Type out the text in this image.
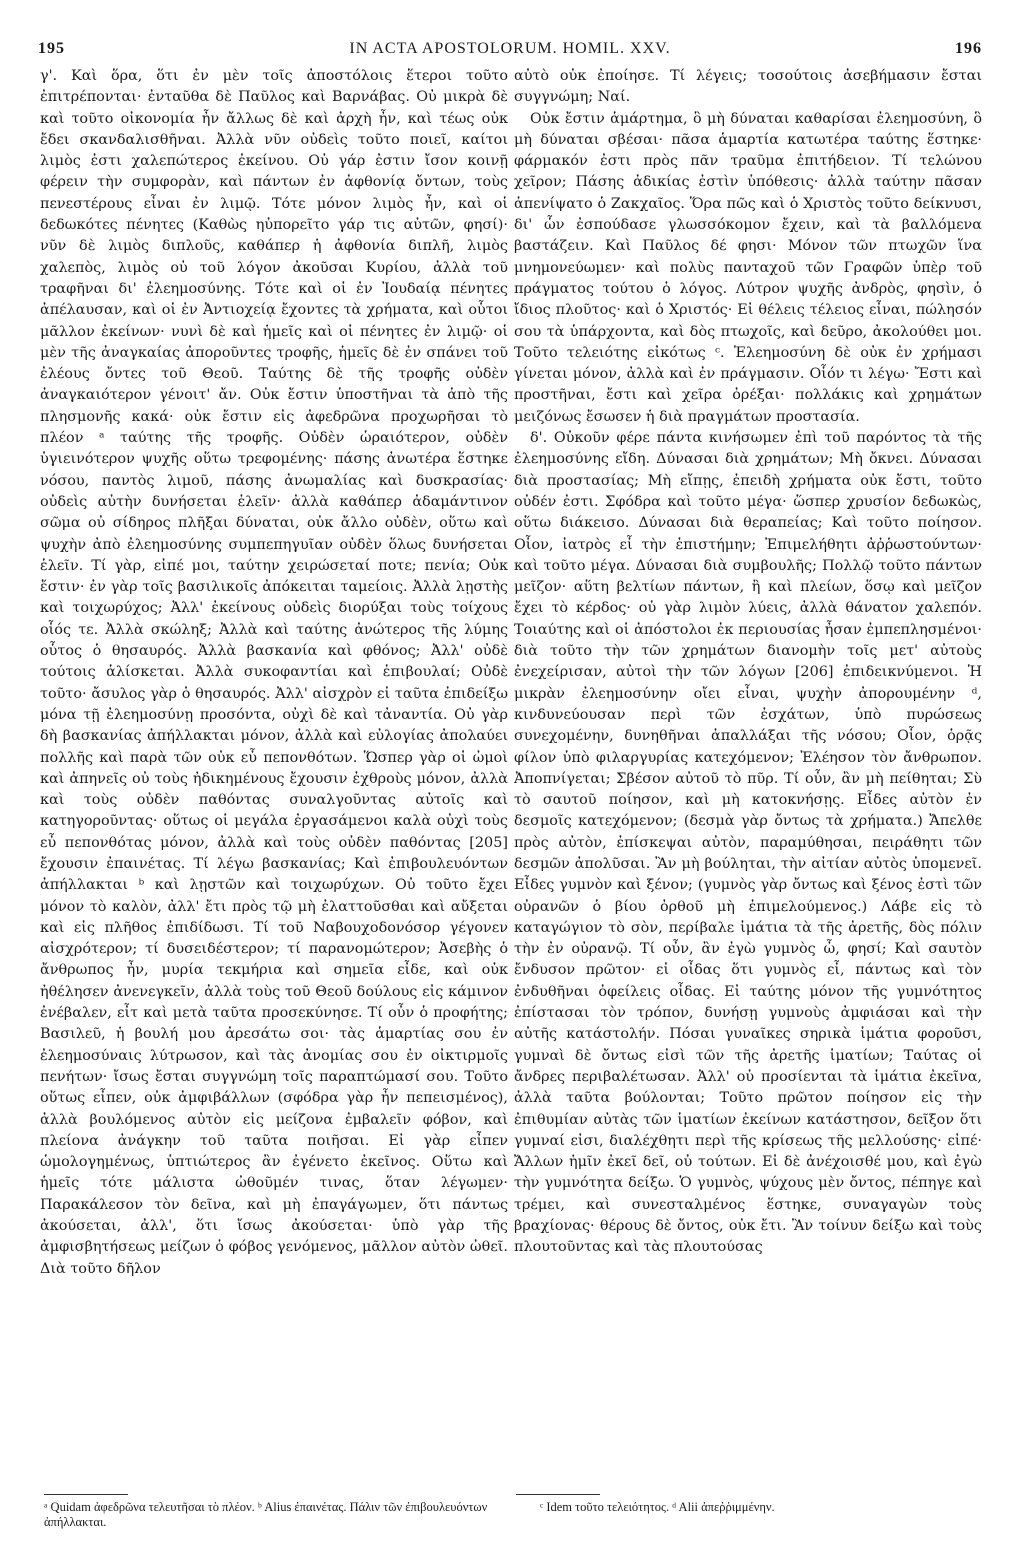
195	IN ACTA APOSTOLORUM. HOMIL. XXV.	196

γ'. Καὶ ὅρα, ὅτι ἐν μὲν τοῖς ἀποστόλοις ἕτεροι τοῦτο ἐπιτρέπονται· ἐνταῦθα δὲ Παῦλος καὶ Βαρνάβας. Οὐ μικρὰ δὲ καὶ τοῦτο οἰκονομία ἦν ἄλλως δὲ καὶ ἀρχὴ ἦν, καὶ τέως οὐκ ἔδει σκανδαλισθῆναι. Ἀλλὰ νῦν οὐδεὶς τοῦτο ποιεῖ, καίτοι λιμὸς ἐστι χαλεπώτερος ἐκείνου. Οὐ γάρ ἐστιν ἴσον κοινῇ φέρειν τὴν συμφορὰν, καὶ πάντων ἐν ἀφθονίᾳ ὄντων, τοὺς πενεστέρους εἶναι ἐν λιμῷ. Τότε μόνον λιμὸς ἦν, καὶ οἱ δεδωκότες πένητες (Καθὼς ηὐπορεῖτο γάρ τις αὐτῶν, φησί)· νῦν δὲ λιμὸς διπλοῦς, καθάπερ ἡ ἀφθονία διπλῆ, λιμὸς χαλεπὸς, λιμὸς οὐ τοῦ λόγον ἀκοῦσαι Κυρίου, ἀλλὰ τοῦ τραφῆναι δι' ἐλεημοσύνης. Τότε καὶ οἱ ἐν Ἰουδαίᾳ πένητες ἀπέλαυσαν, καὶ οἱ ἐν Ἀντιοχείᾳ ἔχοντες τὰ χρήματα, καὶ οὗτοι μᾶλλον ἐκείνων· νυνὶ δὲ καὶ ἡμεῖς καὶ οἱ πένητες ἐν λιμῷ· οἱ μὲν τῆς ἀναγκαίας ἀποροῦντες τροφῆς, ἡμεῖς δὲ ἐν σπάνει τοῦ ἐλέους ὄντες τοῦ Θεοῦ. Ταύτης δὲ τῆς τροφῆς οὐδὲν ἀναγκαιότερον γένοιτ' ἄν. Οὐκ ἔστιν ὑποστῆναι τὰ ἀπὸ τῆς πλησμονῆς κακά· οὐκ ἔστιν εἰς ἀφεδρῶνα προχωρῆσαι τὸ πλέον ᵃ ταύτης τῆς τροφῆς. Οὐδὲν ὡραιότερον, οὐδὲν ὑγιεινότερον ψυχῆς οὕτω τρεφομένης· πάσης ἀνωτέρα ἕστηκε νόσου, παντὸς λιμοῦ, πάσης ἀνωμαλίας καὶ δυσκρασίας· οὐδεὶς αὐτὴν δυνήσεται ἑλεῖν· ἀλλὰ καθάπερ ἀδαμάντινον σῶμα οὐ σίδηρος πλῆξαι δύναται, οὐκ ἄλλο οὐδὲν, οὕτω καὶ ψυχὴν ἀπὸ ἐλεημοσύνης συμπεπηγυῖαν οὐδὲν ὅλως δυνήσεται ἑλεῖν. Τί γὰρ, εἰπέ μοι, ταύτην χειρώσεταί ποτε; πενία; Οὐκ ἔστιν· ἐν γὰρ τοῖς βασιλικοῖς ἀπόκειται ταμείοις. Ἀλλὰ λῃστὴς καὶ τοιχωρύχος; Ἀλλ' ἐκείνους οὐδεὶς διορύξαι τοὺς τοίχους οἷός τε. Ἀλλὰ σκώληξ; Ἀλλὰ καὶ ταύτης ἀνώτερος τῆς λύμης οὗτος ὁ θησαυρός. Ἀλλὰ βασκανία καὶ φθόνος; Ἀλλ' οὐδὲ τούτοις ἁλίσκεται. Ἀλλὰ συκοφαντίαι καὶ ἐπιβουλαί; Οὐδὲ τοῦτο· ἄσυλος γὰρ ὁ θησαυρός. Ἀλλ' αἰσχρὸν εἰ ταῦτα ἐπιδείξω μόνα τῇ ἐλεημοσύνῃ προσόντα, οὐχὶ δὲ καὶ τἀναντία. Οὐ γὰρ δὴ βασκανίας ἀπήλλακται μόνον, ἀλλὰ καὶ εὐλογίας ἀπολαύει πολλῆς καὶ παρὰ τῶν οὐκ εὖ πεπονθότων. Ὥσπερ γὰρ οἱ ὠμοὶ καὶ ἀπηνεῖς οὐ τοὺς ἠδικημένους ἔχουσιν ἐχθροὺς μόνον, ἀλλὰ καὶ τοὺς οὐδὲν παθόντας συναλγοῦντας αὐτοῖς καὶ κατηγοροῦντας· οὕτως οἱ μεγάλα ἐργασάμενοι καλὰ οὐχὶ τοὺς εὖ πεπονθότας μόνον, ἀλλὰ καὶ τοὺς οὐδὲν παθόντας [205] ἔχουσιν ἐπαινέτας. Τί λέγω βασκανίας; Καὶ ἐπιβουλευόντων ἀπήλλακται ᵇ καὶ λῃστῶν καὶ τοιχωρύχων. Οὐ τοῦτο ἔχει μόνον τὸ καλὸν, ἀλλ' ἔτι πρὸς τῷ μὴ ἐλαττοῦσθαι καὶ αὔξεται καὶ εἰς πλῆθος ἐπιδίδωσι. Τί τοῦ Ναβουχοδονόσορ γέγονεν αἰσχρότερον; τί δυσειδέστερον; τί παρανομώτερον; Ἀσεβὴς ὁ ἄνθρωπος ἦν, μυρία τεκμήρια καὶ σημεῖα εἶδε, καὶ οὐκ ἠθέλησεν ἀνενεγκεῖν, ἀλλὰ τοὺς τοῦ Θεοῦ δούλους εἰς κάμινον ἐνέβαλεν, εἶτ καὶ μετὰ ταῦτα προσεκύνησε. Τί οὖν ὁ προφήτης; Βασιλεῦ, ἡ βουλή μου ἀρεσάτω σοι· τὰς ἁμαρτίας σου ἐν ἐλεημοσύναις λύτρωσον, καὶ τὰς ἀνομίας σου ἐν οἰκτιρμοῖς πενήτων· ἴσως ἔσται συγγνώμη τοῖς παραπτώμασί σου. Τοῦτο οὕτως εἶπεν, οὐκ ἀμφιβάλλων (σφόδρα γὰρ ἦν πεπεισμένος), ἀλλὰ βουλόμενος αὐτὸν εἰς μείζονα ἐμβαλεῖν φόβον, καὶ πλείονα ἀνάγκην τοῦ ταῦτα ποιῆσαι. Εἰ γὰρ εἶπεν ὡμολογημένως, ὑπτιώτερος ἂν ἐγένετο ἐκεῖνος. Οὕτω καὶ ἡμεῖς τότε μάλιστα ὠθοῦμέν τινας, ὅταν λέγωμεν· Παρακάλεσον τὸν δεῖνα, καὶ μὴ ἐπαγάγωμεν, ὅτι πάντως ἀκούσεται, ἀλλ', ὅτι ἴσως ἀκούσεται· ὑπὸ γὰρ τῆς ἀμφισβητήσεως μείζων ὁ φόβος γενόμενος, μᾶλλον αὐτὸν ὠθεῖ. Διὰ τοῦτο δῆλον

αὐτὸ οὐκ ἐποίησε. Τί λέγεις; τοσούτοις ἀσεβήμασιν ἔσται συγγνώμη; Ναί.

Οὐκ ἔστιν ἁμάρτημα, ὃ μὴ δύναται καθαρίσαι ἐλεημοσύνη, ὃ μὴ δύναται σβέσαι· πᾶσα ἁμαρτία κατωτέρα ταύτης ἕστηκε· φάρμακόν ἐστι πρὸς πᾶν τραῦμα ἐπιτήδειον. Τί τελώνου χεῖρον; Πάσης ἀδικίας ἐστὶν ὑπόθεσις· ἀλλὰ ταύτην πᾶσαν ἀπενίψατο ὁ Ζακχαῖος. Ὅρα πῶς καὶ ὁ Χριστὸς τοῦτο δείκνυσι, δι' ὧν ἐσπούδασε γλωσσόκομον ἔχειν, καὶ τὰ βαλλόμενα βαστάζειν. Καὶ Παῦλος δέ φησι· Μόνον τῶν πτωχῶν ἵνα μνημονεύωμεν· καὶ πολὺς πανταχοῦ τῶν Γραφῶν ὑπὲρ τοῦ πράγματος τούτου ὁ λόγος. Λύτρον ψυχῆς ἀνδρὸς, φησὶν, ὁ ἴδιος πλοῦτος· καὶ ὁ Χριστός· Εἰ θέλεις τέλειος εἶναι, πώλησόν σου τὰ ὑπάρχοντα, καὶ δὸς πτωχοῖς, καὶ δεῦρο, ἀκολούθει μοι. Τοῦτο τελειότης εἰκότως ᶜ. Ἐλεημοσύνη δὲ οὐκ ἐν χρήμασι γίνεται μόνον, ἀλλὰ καὶ ἐν πράγμασιν. Οἷόν τι λέγω· Ἔστι καὶ προστῆναι, ἔστι καὶ χεῖρα ὀρέξαι· πολλάκις καὶ χρημάτων μειζόνως ἔσωσεν ἡ διὰ πραγμάτων προστασία.

δ'. Οὐκοῦν φέρε πάντα κινήσωμεν ἐπὶ τοῦ παρόντος τὰ τῆς ἐλεημοσύνης εἴδη. Δύνασαι διὰ χρημάτων; Μὴ ὄκνει. Δύνασαι διὰ προστασίας; Μὴ εἴπῃς, ἐπειδὴ χρήματα οὐκ ἔστι, τοῦτο οὐδέν ἐστι. Σφόδρα καὶ τοῦτο μέγα· ὥσπερ χρυσίον δεδωκὼς, οὕτω διάκεισο. Δύνασαι διὰ θεραπείας; Καὶ τοῦτο ποίησον. Οἷον, ἰατρὸς εἶ τὴν ἐπιστήμην; Ἐπιμελήθητι ἀῤῥωστούντων· καὶ τοῦτο μέγα. Δύνασαι διὰ συμβουλῆς; Πολλῷ τοῦτο πάντων μεῖζον· αὕτη βελτίων πάντων, ἢ καὶ πλείων, ὅσῳ καὶ μεῖζον ἔχει τὸ κέρδος· οὐ γὰρ λιμὸν λύεις, ἀλλὰ θάνατον χαλεπόν. Τοιαύτης καὶ οἱ ἀπόστολοι ἐκ περιουσίας ἦσαν ἐμπεπλησμένοι· διὰ τοῦτο τὴν τῶν χρημάτων διανομὴν τοῖς μετ' αὐτοὺς ἐνεχείρισαν, αὐτοὶ τὴν τῶν λόγων [206] ἐπιδεικνύμενοι. Ἡ μικρὰν ἐλεημοσύνην οἴει εἶναι, ψυχὴν ἀπορουμένην ᵈ, κινδυνεύουσαν περὶ τῶν ἐσχάτων, ὑπὸ πυρώσεως συνεχομένην, δυνηθῆναι ἀπαλλάξαι τῆς νόσου; Οἷον, ὁρᾷς φίλον ὑπὸ φιλαργυρίας κατεχόμενον; Ἐλέησον τὸν ἄνθρωπον. Ἀποπνίγεται; Σβέσον αὐτοῦ τὸ πῦρ. Τί οὖν, ἂν μὴ πείθηται; Σὺ τὸ σαυτοῦ ποίησον, καὶ μὴ κατοκνήσῃς. Εἶδες αὐτὸν ἐν δεσμοῖς κατεχόμενον; (δεσμὰ γὰρ ὄντως τὰ χρήματα.) Ἄπελθε πρὸς αὐτὸν, ἐπίσκεψαι αὐτὸν, παραμύθησαι, πειράθητι τῶν δεσμῶν ἀπολῦσαι. Ἂν μὴ βούληται, τὴν αἰτίαν αὐτὸς ὑπομενεῖ. Εἶδες γυμνὸν καὶ ξένον; (γυμνὸς γὰρ ὄντως καὶ ξένος ἐστὶ τῶν οὐρανῶν ὁ βίου ὀρθοῦ μὴ ἐπιμελούμενος.) Λάβε εἰς τὸ καταγώγιον τὸ σὸν, περίβαλε ἱμάτια τὰ τῆς ἀρετῆς, δὸς πόλιν τὴν ἐν οὐρανῷ. Τί οὖν, ἂν ἐγὼ γυμνὸς ὦ, φησί; Καὶ σαυτὸν ἔνδυσον πρῶτον· εἰ οἶδας ὅτι γυμνὸς εἶ, πάντως καὶ τὸν ἐνδυθῆναι ὀφείλεις οἶδας. Εἰ ταύτης μόνον τῆς γυμνότητος ἐπίστασαι τὸν τρόπον, δυνήσῃ γυμνοὺς ἀμφιάσαι καὶ τὴν αὐτῆς κατάστολήν. Πόσαι γυναῖκες σηρικὰ ἱμάτια φοροῦσι, γυμναὶ δὲ ὄντως εἰσὶ τῶν τῆς ἀρετῆς ἱματίων; Ταύτας οἱ ἄνδρες περιβαλέτωσαν. Ἀλλ' οὐ προσίενται τὰ ἱμάτια ἐκεῖνα, ἀλλὰ ταῦτα βούλονται; Τοῦτο πρῶτον ποίησον εἰς τὴν ἐπιθυμίαν αὐτὰς τῶν ἱματίων ἐκείνων κατάστησον, δεῖξον ὅτι γυμναί εἰσι, διαλέχθητι περὶ τῆς κρίσεως τῆς μελλούσης· εἰπέ· Ἄλλων ἡμῖν ἐκεῖ δεῖ, οὐ τούτων. Εἰ δὲ ἀνέχοισθέ μου, καὶ ἐγὼ τὴν γυμνότητα δείξω. Ὁ γυμνὸς, ψύχους μὲν ὄντος, πέπηγε καὶ τρέμει, καὶ συνεσταλμένος ἕστηκε, συναγαγὼν τοὺς βραχίονας· θέρους δὲ ὄντος, οὐκ ἔτι. Ἂν τοίνυν δείξω καὶ τοὺς πλουτοῦντας καὶ τὰς πλουτούσας

ᵃ Quidam ἀφεδρῶνα τελευτῆσαι τὸ πλέον. ᵇ Alius ἐπαινέτας. Πάλιν τῶν ἐπιβουλευόντων ἀπήλλακται.
ᶜ Idem τοῦτο τελειότητος. ᵈ Alii ἀπεῤῥιμμένην.
